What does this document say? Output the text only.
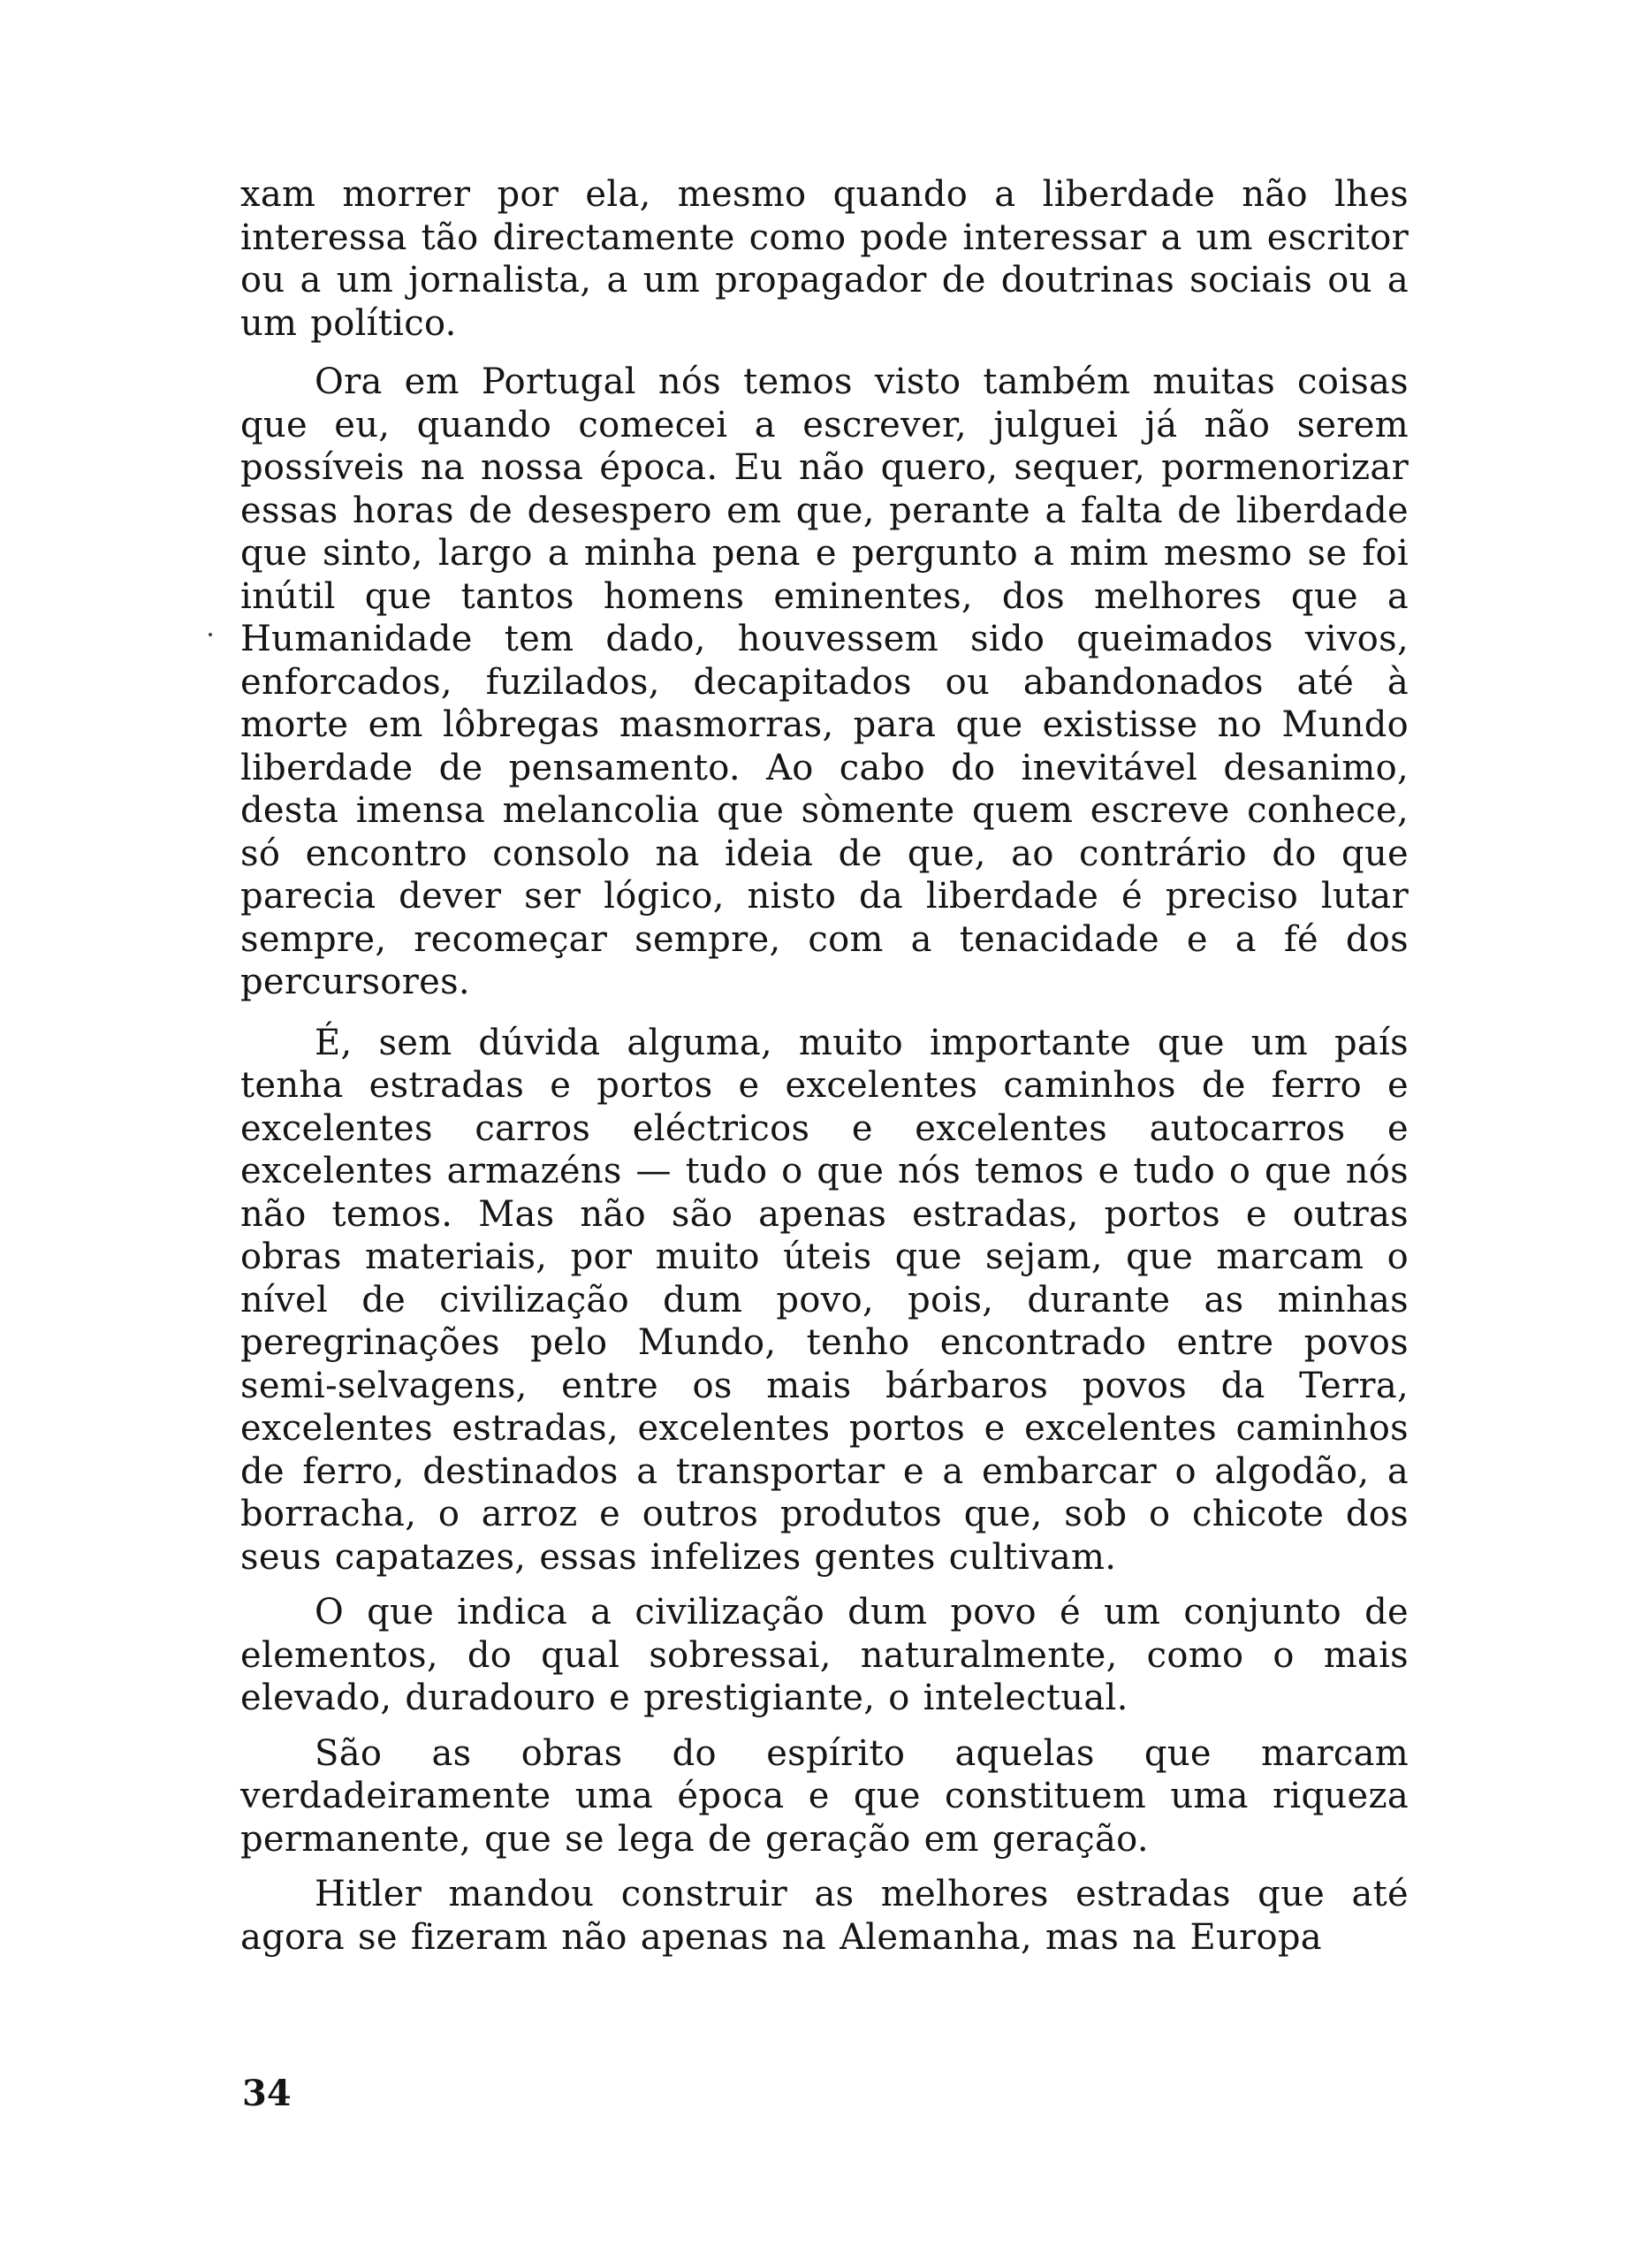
xam morrer por ela, mesmo quando a liberdade não lhes interessa tão directamente como pode interessar a um escritor ou a um jornalista, a um propagador de doutrinas sociais ou a um político.

Ora em Portugal nós temos visto também muitas coisas que eu, quando comecei a escrever, julguei já não serem possíveis na nossa época. Eu não quero, sequer, pormenorizar essas horas de desespero em que, perante a falta de liberdade que sinto, largo a minha pena e pergunto a mim mesmo se foi inútil que tantos homens eminentes, dos melhores que a Humanidade tem dado, houvessem sido queimados vivos, enforcados, fuzilados, decapitados ou abandonados até à morte em lôbregas masmorras, para que existisse no Mundo liberdade de pensamento. Ao cabo do inevitável desanimo, desta imensa melancolia que sòmente quem escreve conhece, só encontro consolo na ideia de que, ao contrário do que parecia dever ser lógico, nisto da liberdade é preciso lutar sempre, recomeçar sempre, com a tenacidade e a fé dos percursores.

É, sem dúvida alguma, muito importante que um país tenha estradas e portos e excelentes caminhos de ferro e excelentes carros eléctricos e excelentes autocarros e excelentes armazéns — tudo o que nós temos e tudo o que nós não temos. Mas não são apenas estradas, portos e outras obras materiais, por muito úteis que sejam, que marcam o nível de civilização dum povo, pois, durante as minhas peregrinações pelo Mundo, tenho encontrado entre povos semi-selvagens, entre os mais bárbaros povos da Terra, excelentes estradas, excelentes portos e excelentes caminhos de ferro, destinados a transportar e a embarcar o algodão, a borracha, o arroz e outros produtos que, sob o chicote dos seus capatazes, essas infelizes gentes cultivam.

O que indica a civilização dum povo é um conjunto de elementos, do qual sobressai, naturalmente, como o mais elevado, duradouro e prestigiante, o intelectual.

São as obras do espírito aquelas que marcam verdadeiramente uma época e que constituem uma riqueza permanente, que se lega de geração em geração.

Hitler mandou construir as melhores estradas que até agora se fizeram não apenas na Alemanha, mas na Europa

34
